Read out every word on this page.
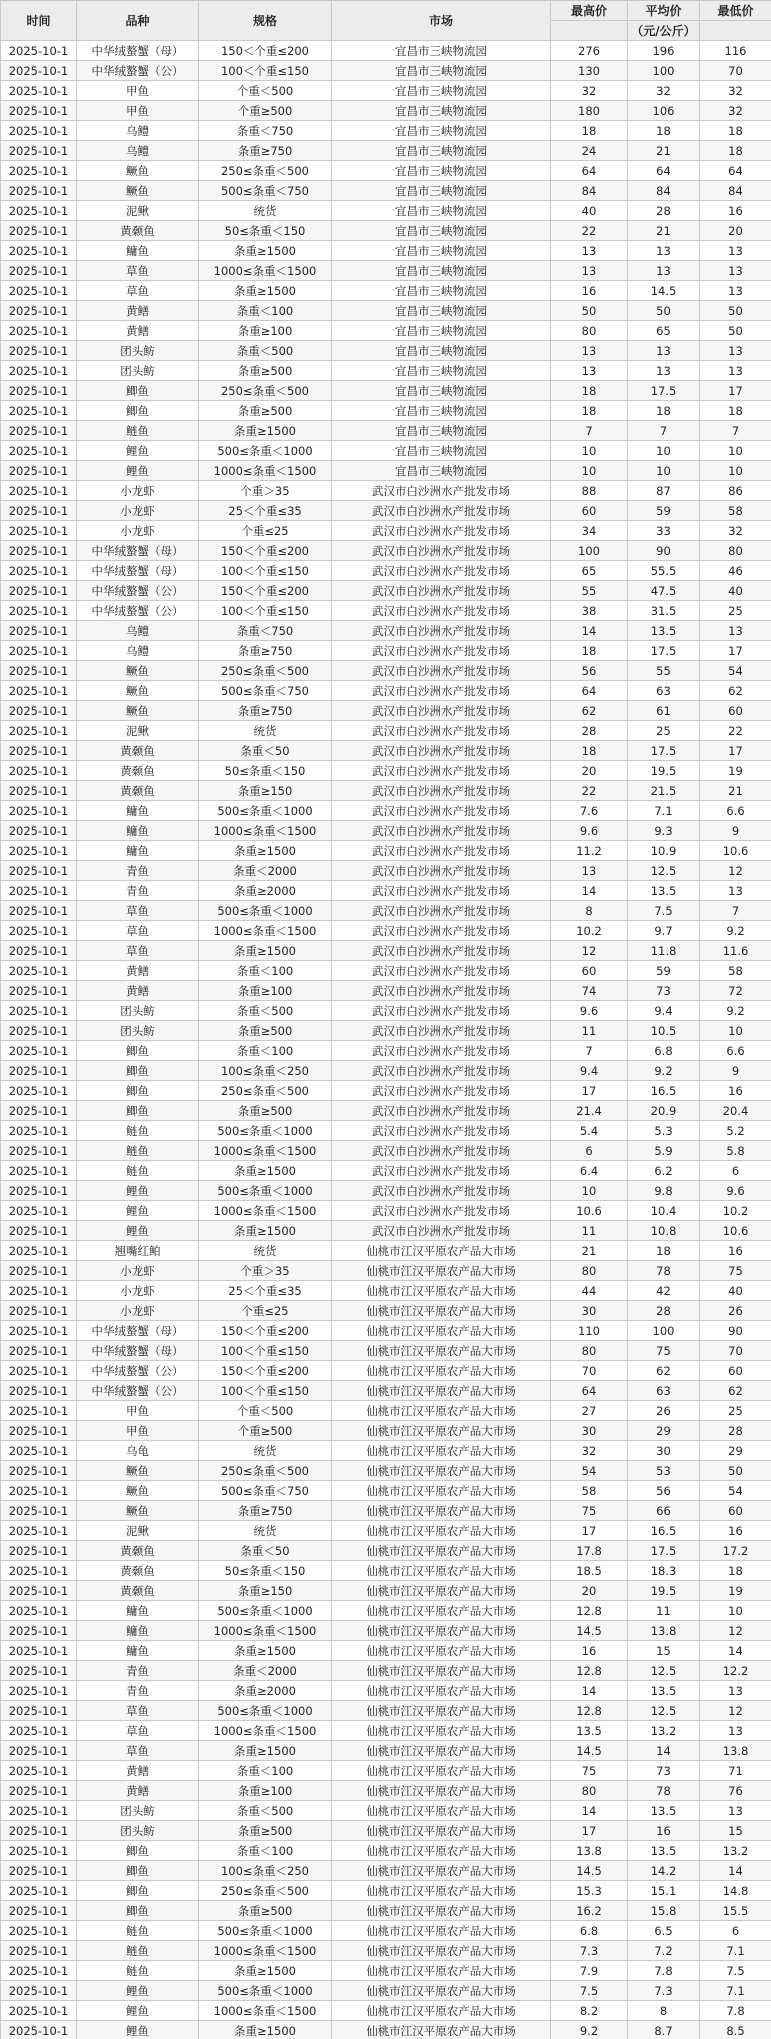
时间	品种	规格	市场	最高价	平均价	最低价
					（元/公斤）	
2025-10-1	中华绒螯蟹（母）	150＜个重≤200	宜昌市三峡物流园	276	196	116
2025-10-1	中华绒螯蟹（公）	100＜个重≤150	宜昌市三峡物流园	130	100	70
2025-10-1	甲鱼	个重＜500	宜昌市三峡物流园	32	32	32
2025-10-1	甲鱼	个重≥500	宜昌市三峡物流园	180	106	32
2025-10-1	乌鳢	条重＜750	宜昌市三峡物流园	18	18	18
2025-10-1	乌鳢	条重≥750	宜昌市三峡物流园	24	21	18
2025-10-1	鳜鱼	250≤条重＜500	宜昌市三峡物流园	64	64	64
2025-10-1	鳜鱼	500≤条重＜750	宜昌市三峡物流园	84	84	84
2025-10-1	泥鳅	统货	宜昌市三峡物流园	40	28	16
2025-10-1	黄颡鱼	50≤条重＜150	宜昌市三峡物流园	22	21	20
2025-10-1	鳙鱼	条重≥1500	宜昌市三峡物流园	13	13	13
2025-10-1	草鱼	1000≤条重＜1500	宜昌市三峡物流园	13	13	13
2025-10-1	草鱼	条重≥1500	宜昌市三峡物流园	16	14.5	13
2025-10-1	黄鳝	条重＜100	宜昌市三峡物流园	50	50	50
2025-10-1	黄鳝	条重≥100	宜昌市三峡物流园	80	65	50
2025-10-1	团头鲂	条重＜500	宜昌市三峡物流园	13	13	13
2025-10-1	团头鲂	条重≥500	宜昌市三峡物流园	13	13	13
2025-10-1	鲫鱼	250≤条重＜500	宜昌市三峡物流园	18	17.5	17
2025-10-1	鲫鱼	条重≥500	宜昌市三峡物流园	18	18	18
2025-10-1	鲢鱼	条重≥1500	宜昌市三峡物流园	7	7	7
2025-10-1	鲤鱼	500≤条重＜1000	宜昌市三峡物流园	10	10	10
2025-10-1	鲤鱼	1000≤条重＜1500	宜昌市三峡物流园	10	10	10
2025-10-1	小龙虾	个重＞35	武汉市白沙洲水产批发市场	88	87	86
2025-10-1	小龙虾	25＜个重≤35	武汉市白沙洲水产批发市场	60	59	58
2025-10-1	小龙虾	个重≤25	武汉市白沙洲水产批发市场	34	33	32
2025-10-1	中华绒螯蟹（母）	150＜个重≤200	武汉市白沙洲水产批发市场	100	90	80
2025-10-1	中华绒螯蟹（母）	100＜个重≤150	武汉市白沙洲水产批发市场	65	55.5	46
2025-10-1	中华绒螯蟹（公）	150＜个重≤200	武汉市白沙洲水产批发市场	55	47.5	40
2025-10-1	中华绒螯蟹（公）	100＜个重≤150	武汉市白沙洲水产批发市场	38	31.5	25
2025-10-1	乌鳢	条重＜750	武汉市白沙洲水产批发市场	14	13.5	13
2025-10-1	乌鳢	条重≥750	武汉市白沙洲水产批发市场	18	17.5	17
2025-10-1	鳜鱼	250≤条重＜500	武汉市白沙洲水产批发市场	56	55	54
2025-10-1	鳜鱼	500≤条重＜750	武汉市白沙洲水产批发市场	64	63	62
2025-10-1	鳜鱼	条重≥750	武汉市白沙洲水产批发市场	62	61	60
2025-10-1	泥鳅	统货	武汉市白沙洲水产批发市场	28	25	22
2025-10-1	黄颡鱼	条重＜50	武汉市白沙洲水产批发市场	18	17.5	17
2025-10-1	黄颡鱼	50≤条重＜150	武汉市白沙洲水产批发市场	20	19.5	19
2025-10-1	黄颡鱼	条重≥150	武汉市白沙洲水产批发市场	22	21.5	21
2025-10-1	鳙鱼	500≤条重＜1000	武汉市白沙洲水产批发市场	7.6	7.1	6.6
2025-10-1	鳙鱼	1000≤条重＜1500	武汉市白沙洲水产批发市场	9.6	9.3	9
2025-10-1	鳙鱼	条重≥1500	武汉市白沙洲水产批发市场	11.2	10.9	10.6
2025-10-1	青鱼	条重＜2000	武汉市白沙洲水产批发市场	13	12.5	12
2025-10-1	青鱼	条重≥2000	武汉市白沙洲水产批发市场	14	13.5	13
2025-10-1	草鱼	500≤条重＜1000	武汉市白沙洲水产批发市场	8	7.5	7
2025-10-1	草鱼	1000≤条重＜1500	武汉市白沙洲水产批发市场	10.2	9.7	9.2
2025-10-1	草鱼	条重≥1500	武汉市白沙洲水产批发市场	12	11.8	11.6
2025-10-1	黄鳝	条重＜100	武汉市白沙洲水产批发市场	60	59	58
2025-10-1	黄鳝	条重≥100	武汉市白沙洲水产批发市场	74	73	72
2025-10-1	团头鲂	条重＜500	武汉市白沙洲水产批发市场	9.6	9.4	9.2
2025-10-1	团头鲂	条重≥500	武汉市白沙洲水产批发市场	11	10.5	10
2025-10-1	鲫鱼	条重＜100	武汉市白沙洲水产批发市场	7	6.8	6.6
2025-10-1	鲫鱼	100≤条重＜250	武汉市白沙洲水产批发市场	9.4	9.2	9
2025-10-1	鲫鱼	250≤条重＜500	武汉市白沙洲水产批发市场	17	16.5	16
2025-10-1	鲫鱼	条重≥500	武汉市白沙洲水产批发市场	21.4	20.9	20.4
2025-10-1	鲢鱼	500≤条重＜1000	武汉市白沙洲水产批发市场	5.4	5.3	5.2
2025-10-1	鲢鱼	1000≤条重＜1500	武汉市白沙洲水产批发市场	6	5.9	5.8
2025-10-1	鲢鱼	条重≥1500	武汉市白沙洲水产批发市场	6.4	6.2	6
2025-10-1	鲤鱼	500≤条重＜1000	武汉市白沙洲水产批发市场	10	9.8	9.6
2025-10-1	鲤鱼	1000≤条重＜1500	武汉市白沙洲水产批发市场	10.6	10.4	10.2
2025-10-1	鲤鱼	条重≥1500	武汉市白沙洲水产批发市场	11	10.8	10.6
2025-10-1	翘嘴红鲌	统货	仙桃市江汉平原农产品大市场	21	18	16
2025-10-1	小龙虾	个重＞35	仙桃市江汉平原农产品大市场	80	78	75
2025-10-1	小龙虾	25＜个重≤35	仙桃市江汉平原农产品大市场	44	42	40
2025-10-1	小龙虾	个重≤25	仙桃市江汉平原农产品大市场	30	28	26
2025-10-1	中华绒螯蟹（母）	150＜个重≤200	仙桃市江汉平原农产品大市场	110	100	90
2025-10-1	中华绒螯蟹（母）	100＜个重≤150	仙桃市江汉平原农产品大市场	80	75	70
2025-10-1	中华绒螯蟹（公）	150＜个重≤200	仙桃市江汉平原农产品大市场	70	62	60
2025-10-1	中华绒螯蟹（公）	100＜个重≤150	仙桃市江汉平原农产品大市场	64	63	62
2025-10-1	甲鱼	个重＜500	仙桃市江汉平原农产品大市场	27	26	25
2025-10-1	甲鱼	个重≥500	仙桃市江汉平原农产品大市场	30	29	28
2025-10-1	乌龟	统货	仙桃市江汉平原农产品大市场	32	30	29
2025-10-1	鳜鱼	250≤条重＜500	仙桃市江汉平原农产品大市场	54	53	50
2025-10-1	鳜鱼	500≤条重＜750	仙桃市江汉平原农产品大市场	58	56	54
2025-10-1	鳜鱼	条重≥750	仙桃市江汉平原农产品大市场	75	66	60
2025-10-1	泥鳅	统货	仙桃市江汉平原农产品大市场	17	16.5	16
2025-10-1	黄颡鱼	条重＜50	仙桃市江汉平原农产品大市场	17.8	17.5	17.2
2025-10-1	黄颡鱼	50≤条重＜150	仙桃市江汉平原农产品大市场	18.5	18.3	18
2025-10-1	黄颡鱼	条重≥150	仙桃市江汉平原农产品大市场	20	19.5	19
2025-10-1	鳙鱼	500≤条重＜1000	仙桃市江汉平原农产品大市场	12.8	11	10
2025-10-1	鳙鱼	1000≤条重＜1500	仙桃市江汉平原农产品大市场	14.5	13.8	12
2025-10-1	鳙鱼	条重≥1500	仙桃市江汉平原农产品大市场	16	15	14
2025-10-1	青鱼	条重＜2000	仙桃市江汉平原农产品大市场	12.8	12.5	12.2
2025-10-1	青鱼	条重≥2000	仙桃市江汉平原农产品大市场	14	13.5	13
2025-10-1	草鱼	500≤条重＜1000	仙桃市江汉平原农产品大市场	12.8	12.5	12
2025-10-1	草鱼	1000≤条重＜1500	仙桃市江汉平原农产品大市场	13.5	13.2	13
2025-10-1	草鱼	条重≥1500	仙桃市江汉平原农产品大市场	14.5	14	13.8
2025-10-1	黄鳝	条重＜100	仙桃市江汉平原农产品大市场	75	73	71
2025-10-1	黄鳝	条重≥100	仙桃市江汉平原农产品大市场	80	78	76
2025-10-1	团头鲂	条重＜500	仙桃市江汉平原农产品大市场	14	13.5	13
2025-10-1	团头鲂	条重≥500	仙桃市江汉平原农产品大市场	17	16	15
2025-10-1	鲫鱼	条重＜100	仙桃市江汉平原农产品大市场	13.8	13.5	13.2
2025-10-1	鲫鱼	100≤条重＜250	仙桃市江汉平原农产品大市场	14.5	14.2	14
2025-10-1	鲫鱼	250≤条重＜500	仙桃市江汉平原农产品大市场	15.3	15.1	14.8
2025-10-1	鲫鱼	条重≥500	仙桃市江汉平原农产品大市场	16.2	15.8	15.5
2025-10-1	鲢鱼	500≤条重＜1000	仙桃市江汉平原农产品大市场	6.8	6.5	6
2025-10-1	鲢鱼	1000≤条重＜1500	仙桃市江汉平原农产品大市场	7.3	7.2	7.1
2025-10-1	鲢鱼	条重≥1500	仙桃市江汉平原农产品大市场	7.9	7.8	7.5
2025-10-1	鲤鱼	500≤条重＜1000	仙桃市江汉平原农产品大市场	7.5	7.3	7.1
2025-10-1	鲤鱼	1000≤条重＜1500	仙桃市江汉平原农产品大市场	8.2	8	7.8
2025-10-1	鲤鱼	条重≥1500	仙桃市江汉平原农产品大市场	9.2	8.7	8.5
